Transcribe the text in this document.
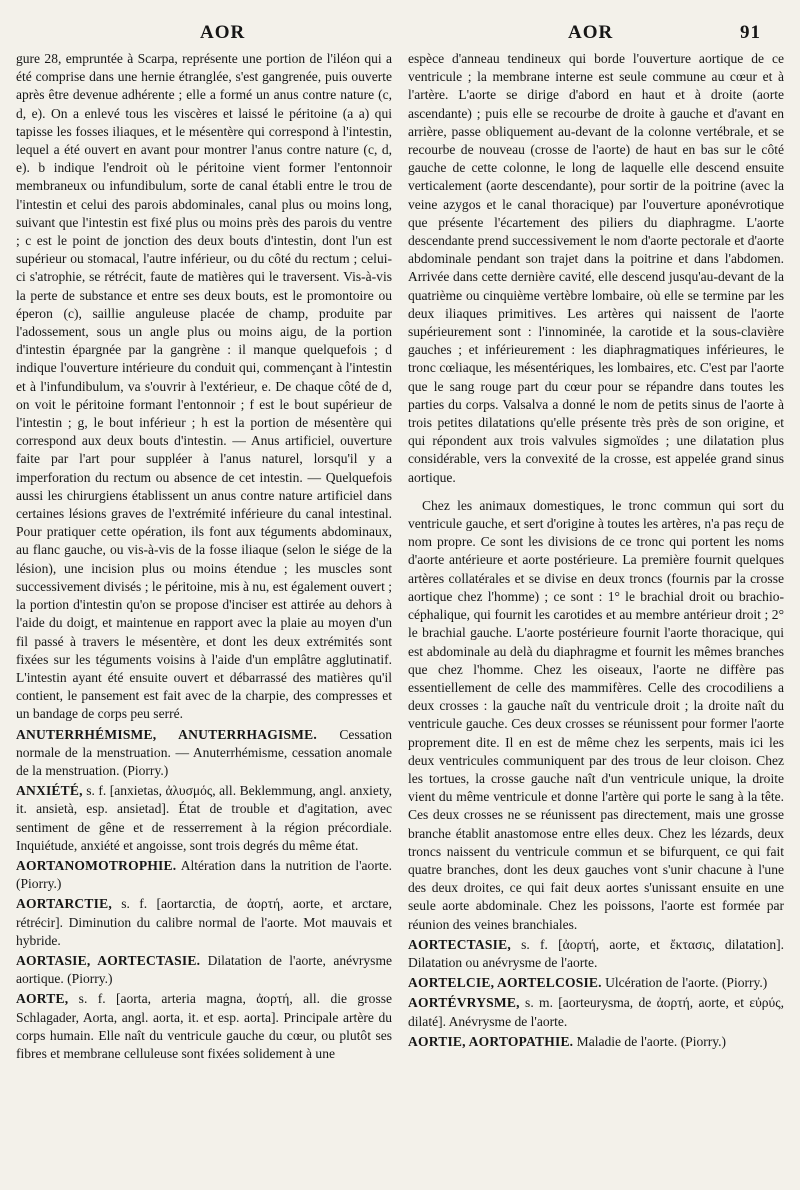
AOR	AOR	91

gure 28, empruntée à Scarpa, représente une portion de l'iléon qui a été comprise dans une hernie étranglée, s'est gangrenée, puis ouverte après être devenue adhérente ; elle a formé un anus contre nature (c, d, e). On a enlevé tous les viscères et laissé le péritoine (a a) qui tapisse les fosses iliaques, et le mésentère qui correspond à l'intestin, lequel a été ouvert en avant pour montrer l'anus contre nature (c, d, e). b indique l'endroit où le péritoine vient former l'entonnoir membraneux ou infundibulum, sorte de canal établi entre le trou de l'intestin et celui des parois abdominales, canal plus ou moins long, suivant que l'intestin est fixé plus ou moins près des parois du ventre ; c est le point de jonction des deux bouts d'intestin, dont l'un est supérieur ou stomacal, l'autre inférieur, ou du côté du rectum ; celui-ci s'atrophie, se rétrécit, faute de matières qui le traversent. Vis-à-vis la perte de substance et entre ses deux bouts, est le promontoire ou éperon (c), saillie anguleuse placée de champ, produite par l'adossement, sous un angle plus ou moins aigu, de la portion d'intestin épargnée par la gangrène : il manque quelquefois ; d indique l'ouverture intérieure du conduit qui, commençant à l'intestin et à l'infundibulum, va s'ouvrir à l'extérieur, e. De chaque côté de d, on voit le péritoine formant l'entonnoir ; f est le bout supérieur de l'intestin ; g, le bout inférieur ; h est la portion de mésentère qui correspond aux deux bouts d'intestin. — Anus artificiel, ouverture faite par l'art pour suppléer à l'anus naturel, lorsqu'il y a imperforation du rectum ou absence de cet intestin. — Quelquefois aussi les chirurgiens établissent un anus contre nature artificiel dans certaines lésions graves de l'extrémité inférieure du canal intestinal. Pour pratiquer cette opération, ils font aux téguments abdominaux, au flanc gauche, ou vis-à-vis de la fosse iliaque (selon le siége de la lésion), une incision plus ou moins étendue ; les muscles sont successivement divisés ; le péritoine, mis à nu, est également ouvert ; la portion d'intestin qu'on se propose d'inciser est attirée au dehors à l'aide du doigt, et maintenue en rapport avec la plaie au moyen d'un fil passé à travers le mésentère, et dont les deux extrémités sont fixées sur les téguments voisins à l'aide d'un emplâtre agglutinatif. L'intestin ayant été ensuite ouvert et débarrassé des matières qu'il contient, le pansement est fait avec de la charpie, des compresses et un bandage de corps peu serré.

ANUTERRHÉMISME, ANUTERRHAGISME. Cessation normale de la menstruation. — Anuterrhémisme, cessation anomale de la menstruation. (Piorry.)

ANXIÉTÉ, s. f. [anxietas, ἀλυσμός, all. Beklemmung, angl. anxiety, it. ansietà, esp. ansietad]. État de trouble et d'agitation, avec sentiment de gêne et de resserrement à la région précordiale. Inquiétude, anxiété et angoisse, sont trois degrés du même état.

AORTANOMOTROPHIE. Altération dans la nutrition de l'aorte. (Piorry.)

AORTARCTIE, s. f. [aortarctia, de ἀορτή, aorte, et arctare, rétrécir]. Diminution du calibre normal de l'aorte. Mot mauvais et hybride.

AORTASIE, AORTECTASIE. Dilatation de l'aorte, anévrysme aortique. (Piorry.)

AORTE, s. f. [aorta, arteria magna, ἀορτή, all. die grosse Schlagader, Aorta, angl. aorta, it. et esp. aorta]. Principale artère du corps humain. Elle naît du ventricule gauche du cœur, ou plutôt ses fibres et membrane celluleuse sont fixées solidement à une

espèce d'anneau tendineux qui borde l'ouverture aortique de ce ventricule ; la membrane interne est seule commune au cœur et à l'artère. L'aorte se dirige d'abord en haut et à droite (aorte ascendante) ; puis elle se recourbe de droite à gauche et d'avant en arrière, passe obliquement au-devant de la colonne vertébrale, et se recourbe de nouveau (crosse de l'aorte) de haut en bas sur le côté gauche de cette colonne, le long de laquelle elle descend ensuite verticalement (aorte descendante), pour sortir de la poitrine (avec la veine azygos et le canal thoracique) par l'ouverture aponévrotique que présente l'écartement des piliers du diaphragme. L'aorte descendante prend successivement le nom d'aorte pectorale et d'aorte abdominale pendant son trajet dans la poitrine et dans l'abdomen. Arrivée dans cette dernière cavité, elle descend jusqu'au-devant de la quatrième ou cinquième vertèbre lombaire, où elle se termine par les deux iliaques primitives. Les artères qui naissent de l'aorte supérieurement sont : l'innominée, la carotide et la sous-clavière gauches ; et inférieurement : les diaphragmatiques inférieures, le tronc cœliaque, les mésentériques, les lombaires, etc. C'est par l'aorte que le sang rouge part du cœur pour se répandre dans toutes les parties du corps. Valsalva a donné le nom de petits sinus de l'aorte à trois petites dilatations qu'elle présente très près de son origine, et qui répondent aux trois valvules sigmoïdes ; une dilatation plus considérable, vers la convexité de la crosse, est appelée grand sinus aortique.

Chez les animaux domestiques, le tronc commun qui sort du ventricule gauche, et sert d'origine à toutes les artères, n'a pas reçu de nom propre. Ce sont les divisions de ce tronc qui portent les noms d'aorte antérieure et aorte postérieure. La première fournit quelques artères collatérales et se divise en deux troncs (fournis par la crosse aortique chez l'homme) ; ce sont : 1° le brachial droit ou brachio-céphalique, qui fournit les carotides et au membre antérieur droit ; 2° le brachial gauche. L'aorte postérieure fournit l'aorte thoracique, qui est abdominale au delà du diaphragme et fournit les mêmes branches que chez l'homme. Chez les oiseaux, l'aorte ne diffère pas essentiellement de celle des mammifères. Celle des crocodiliens a deux crosses : la gauche naît du ventricule droit ; la droite naît du ventricule gauche. Ces deux crosses se réunissent pour former l'aorte proprement dite. Il en est de même chez les serpents, mais ici les deux ventricules communiquent par des trous de leur cloison. Chez les tortues, la crosse gauche naît d'un ventricule unique, la droite vient du même ventricule et donne l'artère qui porte le sang à la tête. Ces deux crosses ne se réunissent pas directement, mais une grosse branche établit anastomose entre elles deux. Chez les lézards, deux troncs naissent du ventricule commun et se bifurquent, ce qui fait quatre branches, dont les deux gauches vont s'unir chacune à l'une des deux droites, ce qui fait deux aortes s'unissant ensuite en une seule aorte abdominale. Chez les poissons, l'aorte est formée par réunion des veines branchiales.

AORTECTASIE, s. f. [ἀορτή, aorte, et ἔκτασις, dilatation]. Dilatation ou anévrysme de l'aorte.

AORTELCIE, AORTELCOSIE. Ulcération de l'aorte. (Piorry.)

AORTÉVRYSME, s. m. [aorteurysma, de ἀορτή, aorte, et εὐρύς, dilaté]. Anévrysme de l'aorte.

AORTIE, AORTOPATHIE. Maladie de l'aorte. (Piorry.)
